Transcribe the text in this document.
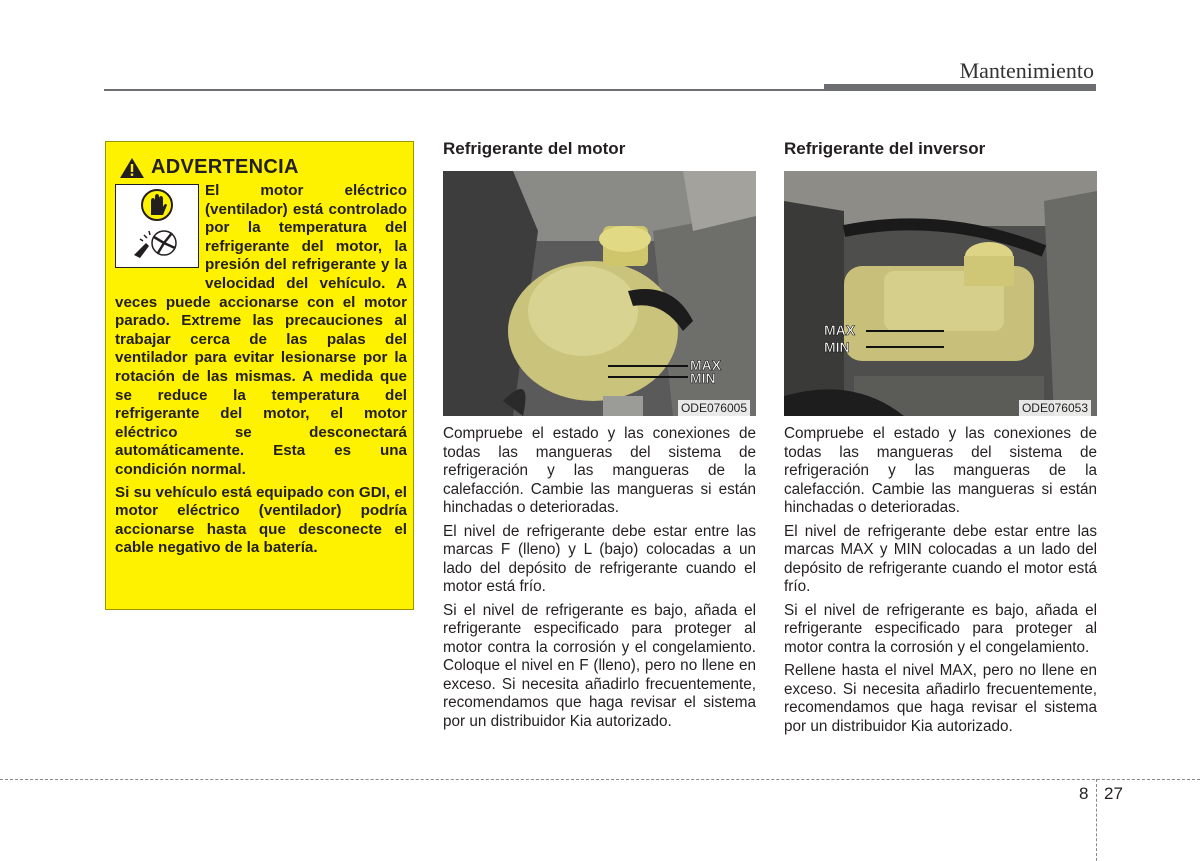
Mantenimiento
ADVERTENCIA

El motor eléctrico (ventilador) está controlado por la temperatura del refrigerante del motor, la presión del refrigerante y la velocidad del vehículo. A veces puede accionarse con el motor parado. Extreme las precauciones al trabajar cerca de las palas del ventilador para evitar lesionarse por la rotación de las mismas. A medida que se reduce la temperatura del refrigerante del motor, el motor eléctrico se desconectará automáticamente. Esta es una condición normal.

Si su vehículo está equipado con GDI, el motor eléctrico (ventilador) podría accionarse hasta que desconecte el cable negativo de la batería.

Refrigerante del motor
MAX
MIN
ODE076005

Compruebe el estado y las conexiones de todas las mangueras del sistema de refrigeración y las mangueras de la calefacción. Cambie las mangueras si están hinchadas o deterioradas.

El nivel de refrigerante debe estar entre las marcas F (lleno) y L (bajo) colocadas a un lado del depósito de refrigerante cuando el motor está frío.

Si el nivel de refrigerante es bajo, añada el refrigerante especificado para proteger al motor contra la corrosión y el congelamiento. Coloque el nivel en F (lleno), pero no llene en exceso. Si necesita añadirlo frecuentemente, recomendamos que haga revisar el sistema por un distribuidor Kia autorizado.

Refrigerante del inversor
MAX
MIN
ODE076053

Compruebe el estado y las conexiones de todas las mangueras del sistema de refrigeración y las mangueras de la calefacción. Cambie las mangueras si están hinchadas o deterioradas.

El nivel de refrigerante debe estar entre las marcas MAX y MIN colocadas a un lado del depósito de refrigerante cuando el motor está frío.

Si el nivel de refrigerante es bajo, añada el refrigerante especificado para proteger al motor contra la corrosión y el congelamiento.

Rellene hasta el nivel MAX, pero no llene en exceso. Si necesita añadirlo frecuentemente, recomendamos que haga revisar el sistema por un distribuidor Kia autorizado.

8 27
